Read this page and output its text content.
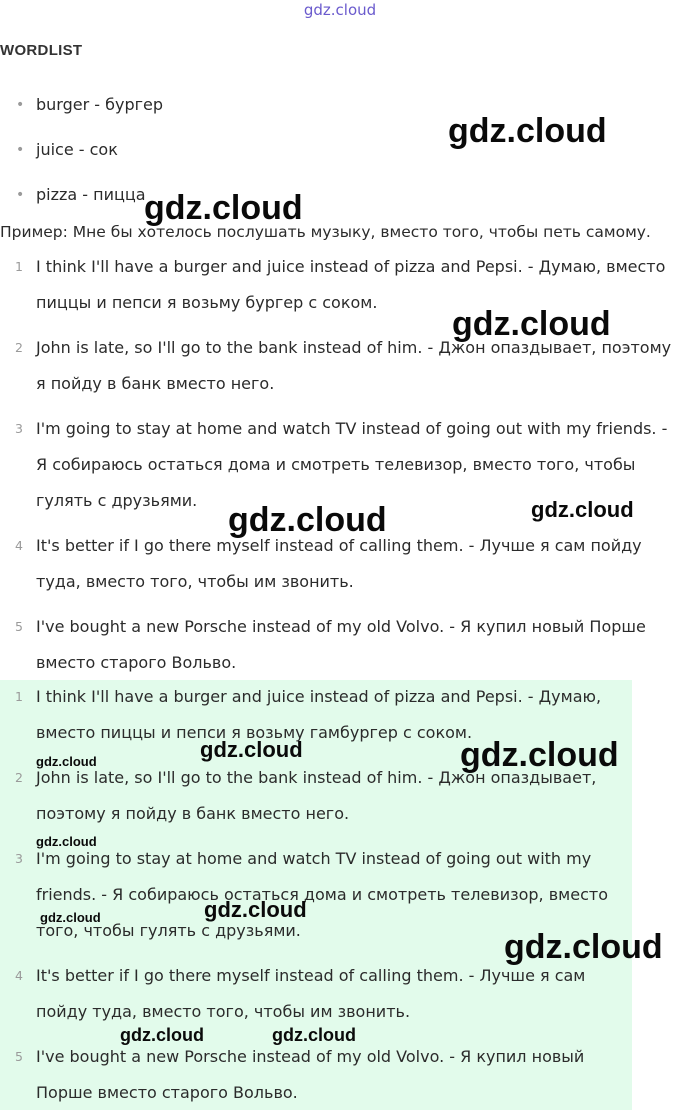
gdz.cloud
WORDLIST
• burger - бургер
• juice - сок
• pizza - пицца
Пример: Мне бы хотелось послушать музыку, вместо того, чтобы петь самому.
1 I think I'll have a burger and juice instead of pizza and Pepsi. - Думаю, вместо пиццы и пепси я возьму бургер с соком.
2 John is late, so I'll go to the bank instead of him. - Джон опаздывает, поэтому я пойду в банк вместо него.
3 I'm going to stay at home and watch TV instead of going out with my friends. - Я собираюсь остаться дома и смотреть телевизор, вместо того, чтобы гулять с друзьями.
4 It's better if I go there myself instead of calling them. - Лучше я сам пойду туда, вместо того, чтобы им звонить.
5 I've bought a new Porsche instead of my old Volvo. - Я купил новый Порше вместо старого Вольво.
1 I think I'll have a burger and juice instead of pizza and Pepsi. - Думаю, вместо пиццы и пепси я возьму гамбургер с соком.
2 John is late, so I'll go to the bank instead of him. - Джон опаздывает, поэтому я пойду в банк вместо него.
3 I'm going to stay at home and watch TV instead of going out with my friends. - Я собираюсь остаться дома и смотреть телевизор, вместо того, чтобы гулять с друзьями.
4 It's better if I go there myself instead of calling them. - Лучше я сам пойду туда, вместо того, чтобы им звонить.
5 I've bought a new Porsche instead of my old Volvo. - Я купил новый Порше вместо старого Вольво.
gdz.cloud
gdz.cloud
gdz.cloud
gdz.cloud	gdz.cloud
gdz.cloud	gdz.cloud
gdz.cloud
gdz.cloud
gdz.cloud
gdz.cloud
gdz.cloud
gdz.cloud	gdz.cloud
